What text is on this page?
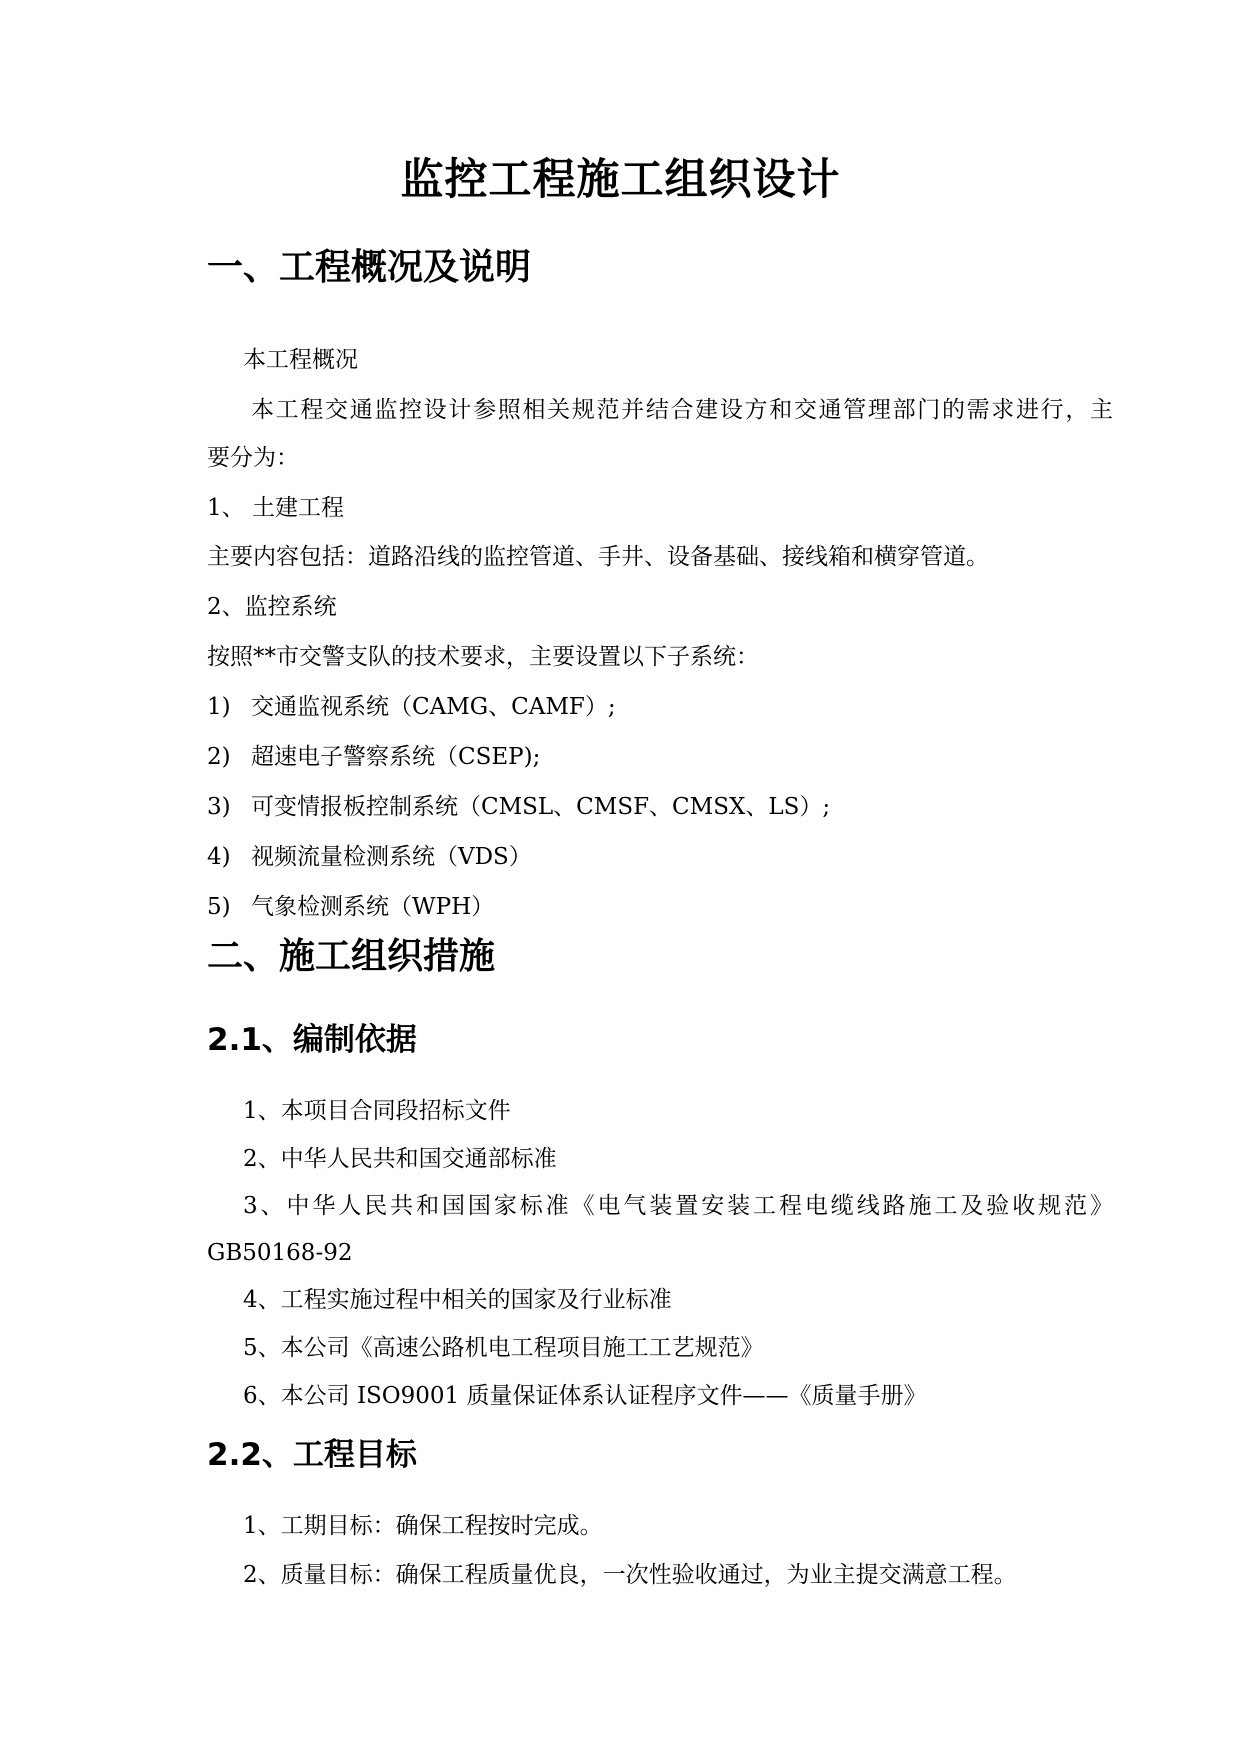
监控工程施工组织设计
一、工程概况及说明
本工程概况
本工程交通监控设计参照相关规范并结合建设方和交通管理部门的需求进行，主
要分为：
1、 土建工程
主要内容包括：道路沿线的监控管道、手井、设备基础、接线箱和横穿管道。
2、监控系统
按照**市交警支队的技术要求，主要设置以下子系统：
1) 交通监视系统（CAMG、CAMF）;
2) 超速电子警察系统（CSEP);
3) 可变情报板控制系统（CMSL、CMSF、CMSX、LS）;
4) 视频流量检测系统（VDS）
5) 气象检测系统（WPH）
二、施工组织措施
2.1、编制依据
1、本项目合同段招标文件
2、中华人民共和国交通部标准
3、中华人民共和国国家标准《电气装置安装工程电缆线路施工及验收规范》
GB50168-92
4、工程实施过程中相关的国家及行业标准
5、本公司《高速公路机电工程项目施工工艺规范》
6、本公司 ISO9001 质量保证体系认证程序文件——《质量手册》
2.2、工程目标
1、工期目标：确保工程按时完成。
2、质量目标：确保工程质量优良，一次性验收通过，为业主提交满意工程。
